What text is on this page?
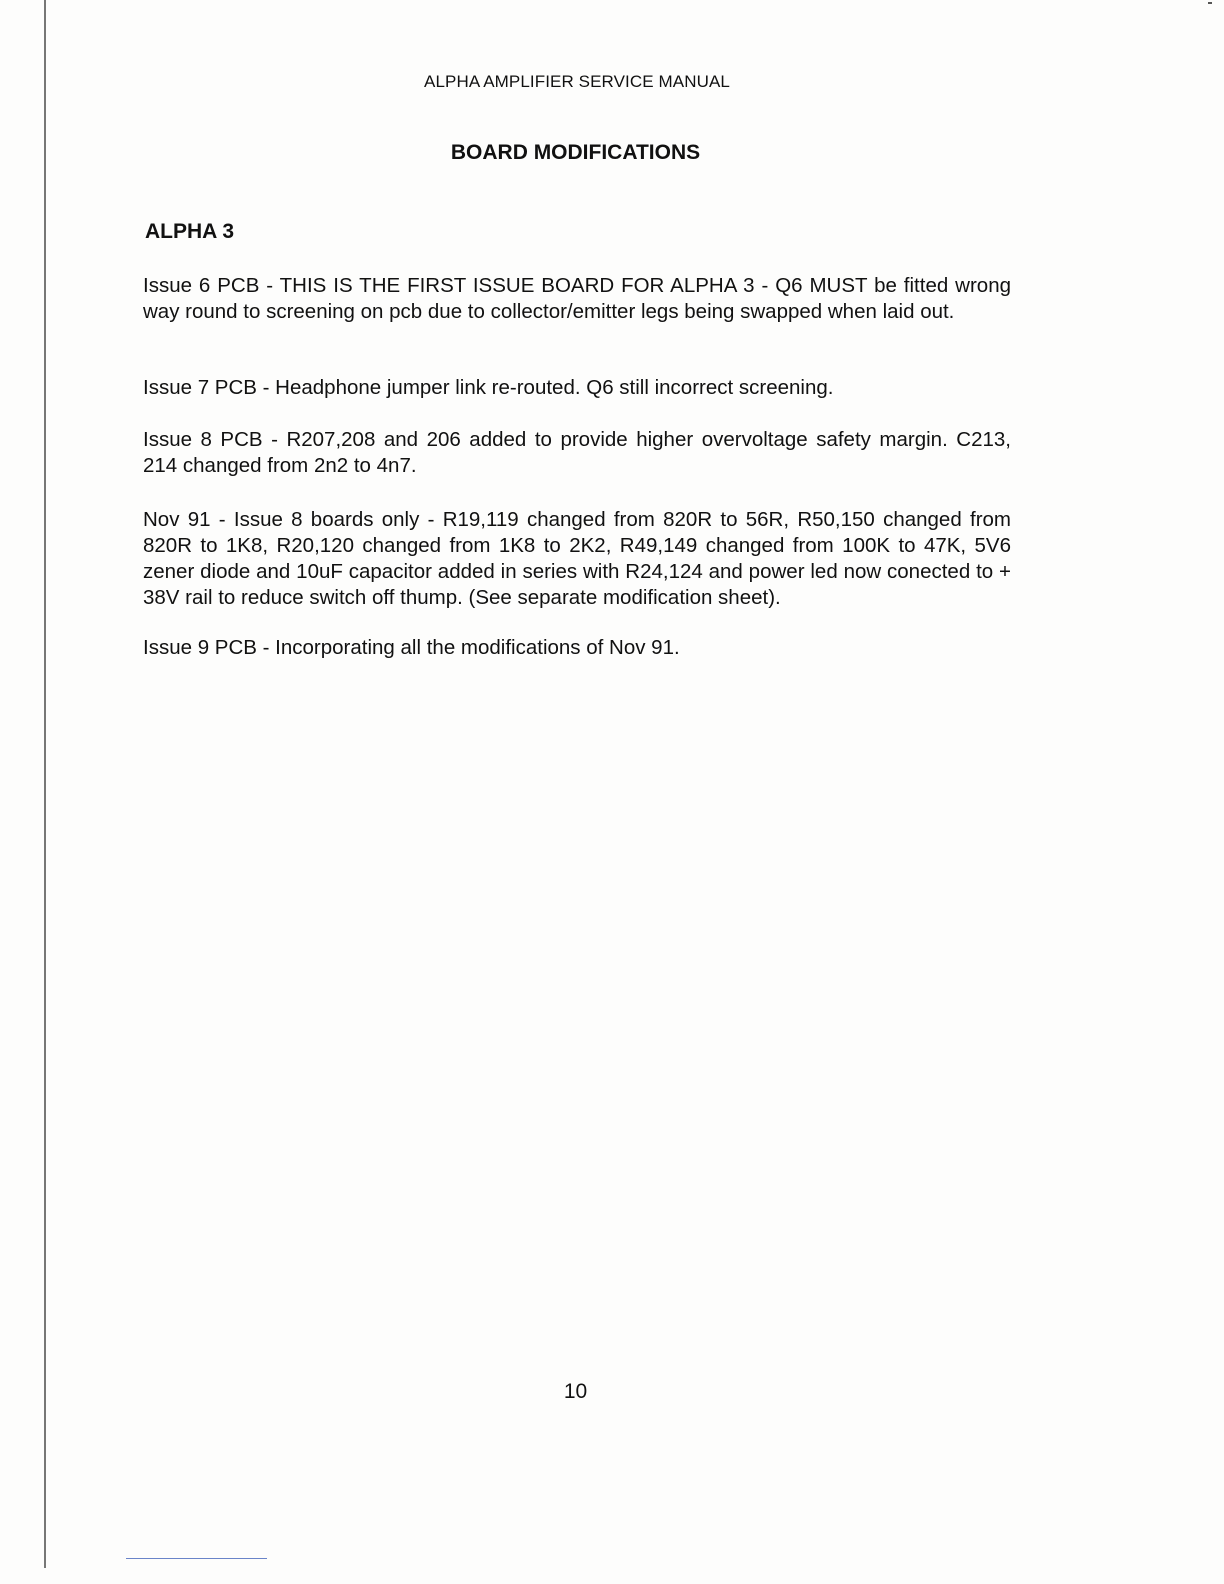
ALPHA AMPLIFIER SERVICE MANUAL
BOARD MODIFICATIONS
ALPHA 3

Issue 6 PCB - THIS IS THE FIRST ISSUE BOARD FOR ALPHA 3 - Q6 MUST be fitted wrong way round to screening on pcb due to collector/emitter legs being swapped when laid out.

Issue 7 PCB - Headphone jumper link re-routed. Q6 still incorrect screening.

Issue 8 PCB - R207,208 and 206 added to provide higher overvoltage safety margin. C213, 214 changed from 2n2 to 4n7.

Nov 91 - Issue 8 boards only - R19,119 changed from 820R to 56R, R50,150 changed from 820R to 1K8, R20,120 changed from 1K8 to 2K2, R49,149 changed from 100K to 47K, 5V6 zener diode and 10uF capacitor added in series with R24,124 and power led now conected to + 38V rail to reduce switch off thump. (See separate modification sheet).

Issue 9 PCB - Incorporating all the modifications of Nov 91.

10
